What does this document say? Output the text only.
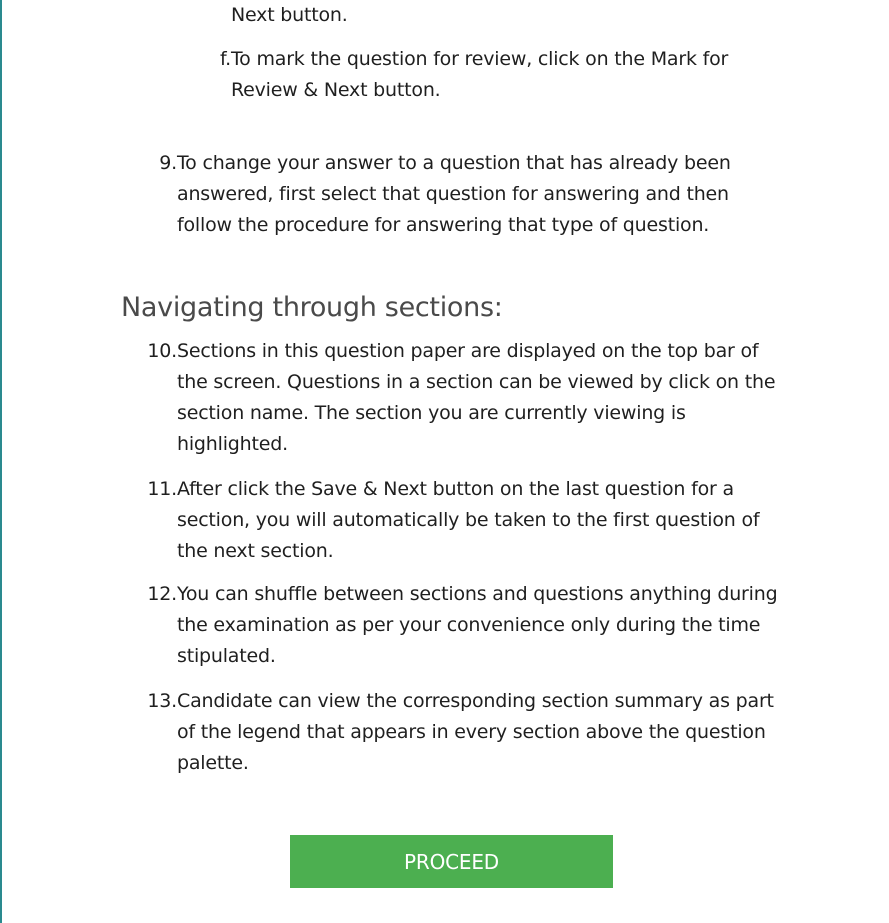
Next button.
f. To mark the question for review, click on the Mark for Review & Next button.
9. To change your answer to a question that has already been answered, first select that question for answering and then follow the procedure for answering that type of question.
Navigating through sections:
10. Sections in this question paper are displayed on the top bar of the screen. Questions in a section can be viewed by click on the section name. The section you are currently viewing is highlighted.
11. After click the Save & Next button on the last question for a section, you will automatically be taken to the first question of the next section.
12. You can shuffle between sections and questions anything during the examination as per your convenience only during the time stipulated.
13. Candidate can view the corresponding section summary as part of the legend that appears in every section above the question palette.
PROCEED
